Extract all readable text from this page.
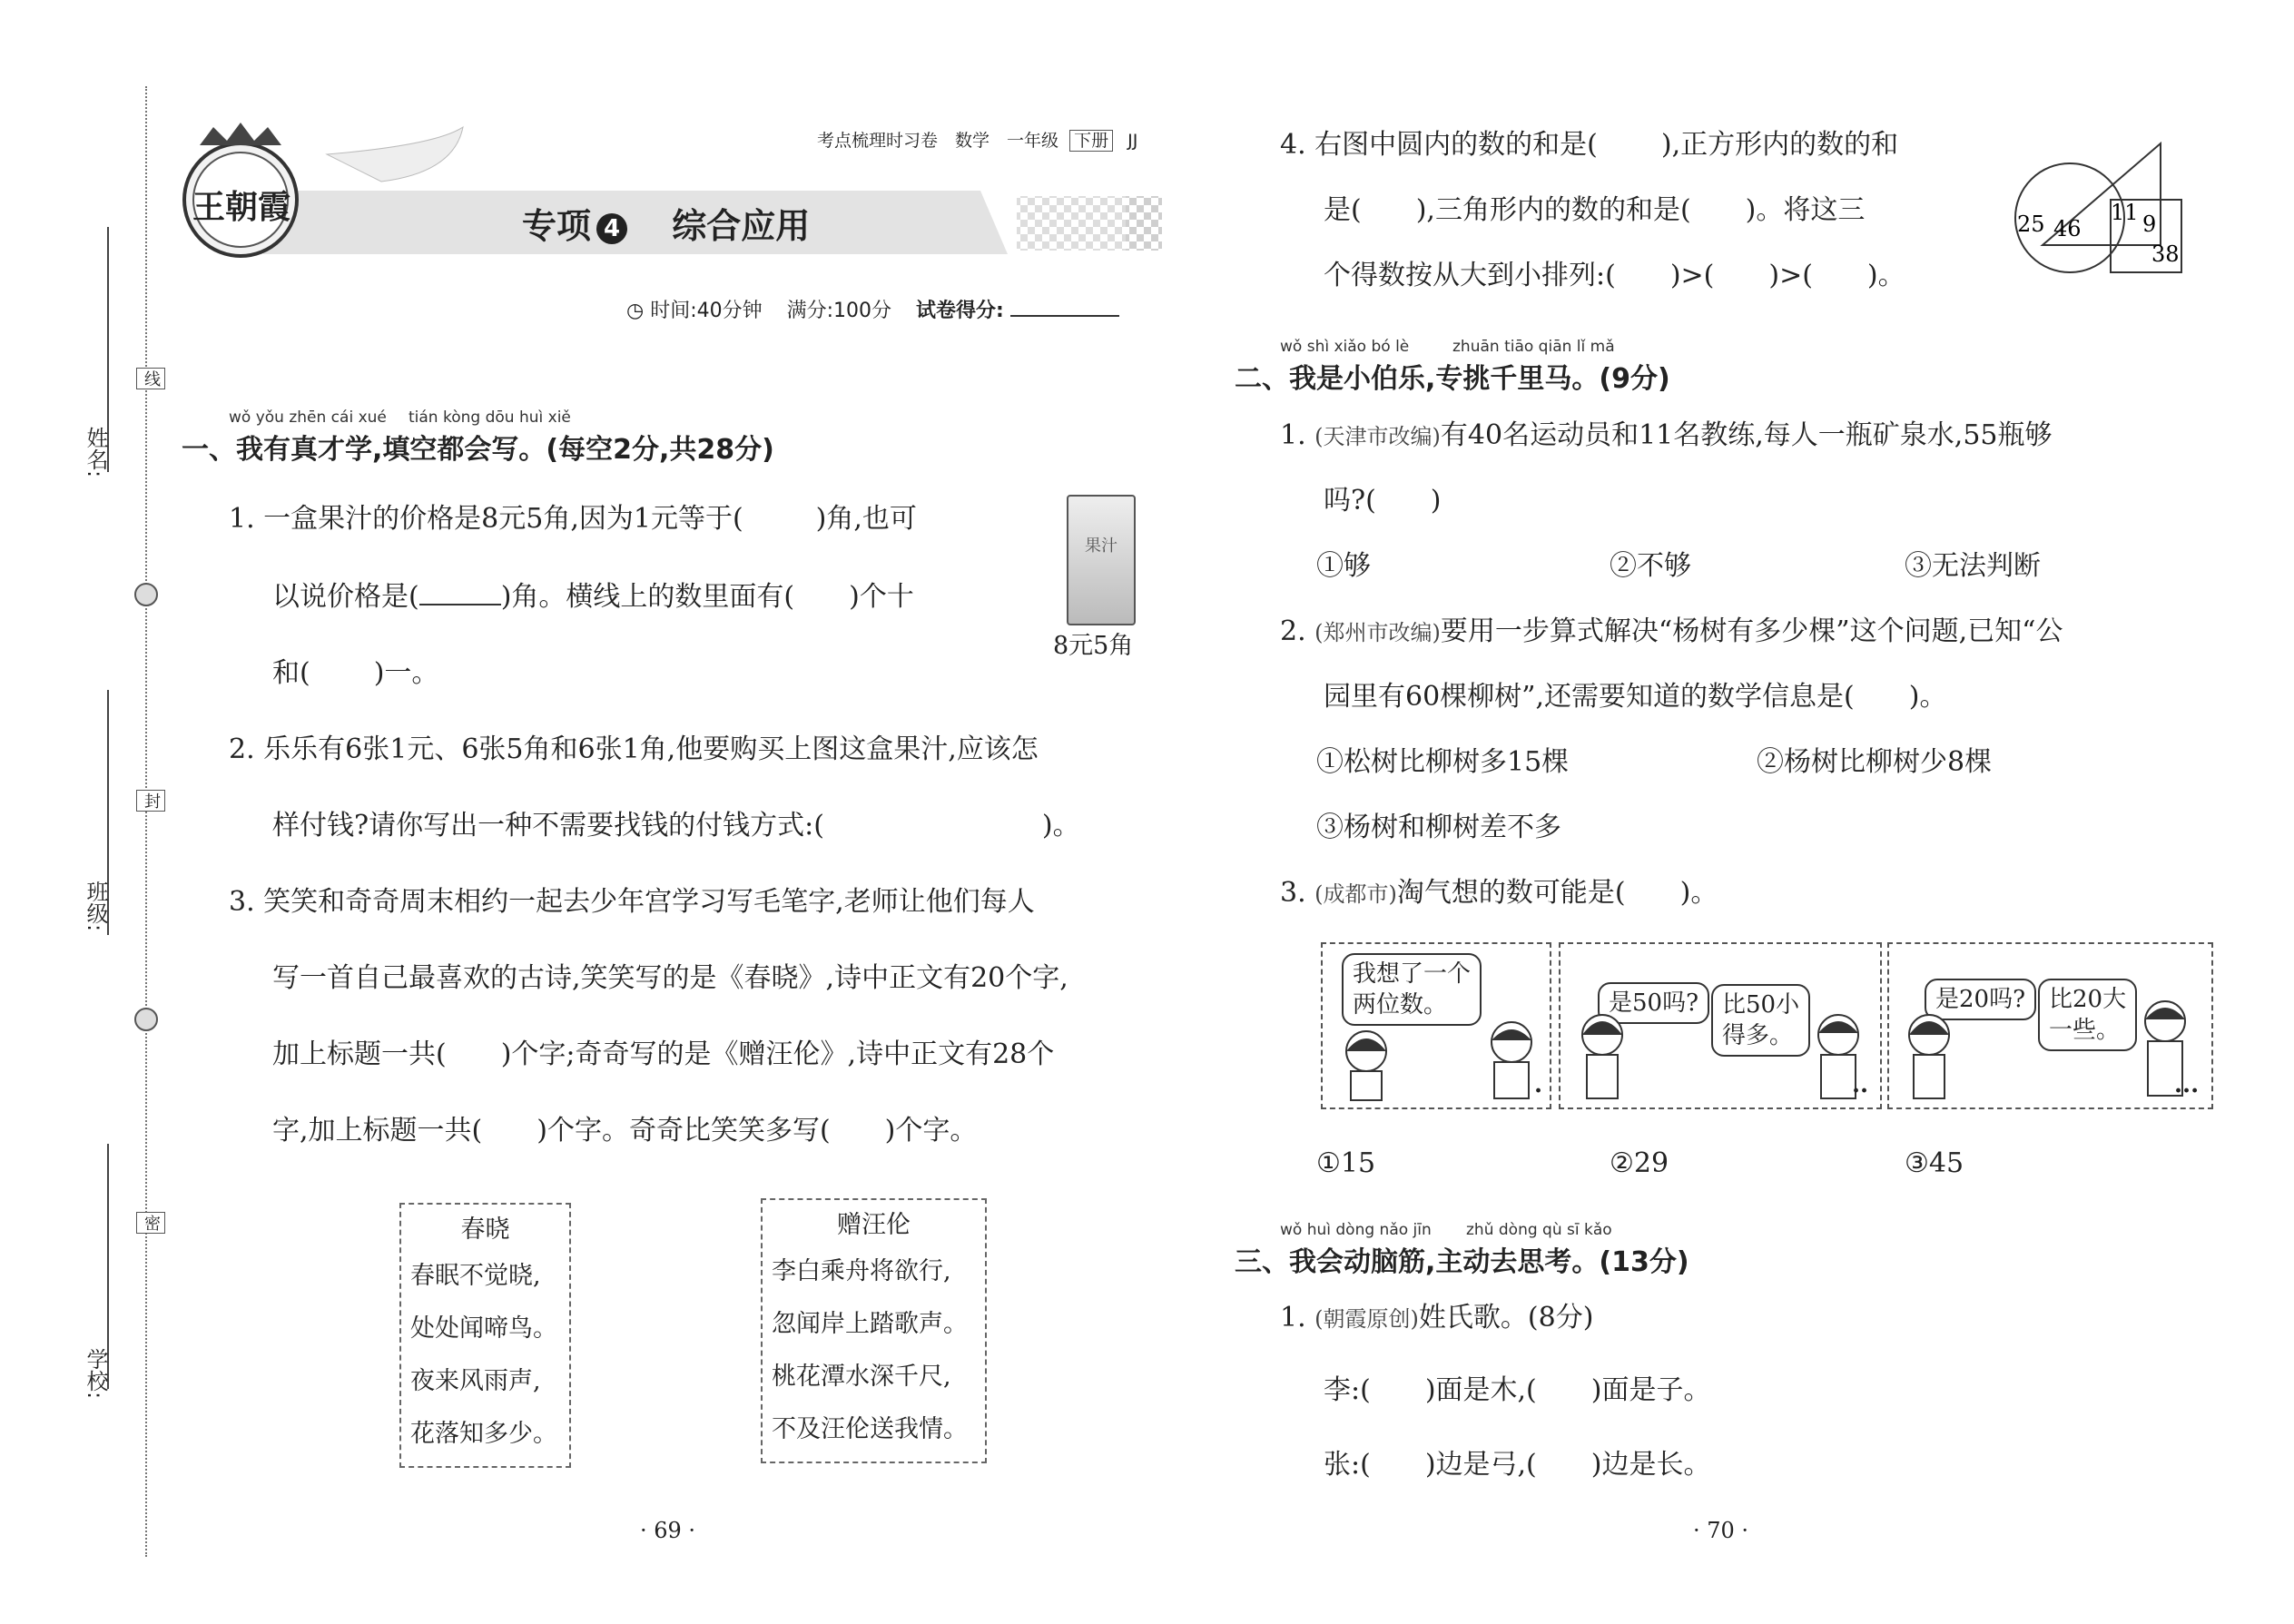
姓名:
班级:
学校:
线
封
密
王朝霞
考点梳理时习卷　数学　一年级 下册 JJ
专项 4 综合应用
◷ 时间:40分钟 满分:100分 试卷得分:
wǒ yǒu zhēn cái xué tián kòng dōu huì xiě
一、我有真才学,填空都会写。(每空2分,共28分)
1. 一盒果汁的价格是8元5角,因为1元等于(	)角,也可
以说价格是(	)角。横线上的数里面有( )个十
和( )一。
果汁
8元5角
2. 乐乐有6张1元、6张5角和6张1角,他要购买上图这盒果汁,应该怎
样付钱?请你写出一种不需要找钱的付钱方式:(	)。
3. 笑笑和奇奇周末相约一起去少年宫学习写毛笔字,老师让他们每人
写一首自己最喜欢的古诗,笑笑写的是《春晓》,诗中正文有20个字,
加上标题一共( )个字;奇奇写的是《赠汪伦》,诗中正文有28个
字,加上标题一共( )个字。奇奇比笑笑多写( )个字。
春晓
春眠不觉晓,
处处闻啼鸟。
夜来风雨声,
花落知多少。
赠汪伦
李白乘舟将欲行,
忽闻岸上踏歌声。
桃花潭水深千尺,
不及汪伦送我情。
· 69 ·
4. 右图中圆内的数的和是( ),正方形内的数的和
是( ),三角形内的数的和是( )。将这三
个得数按从大到小排列:( )>( )>( )。
25 46
11 9
38
wǒ shì xiǎo bó lè	zhuān tiāo qiān lǐ mǎ
二、我是小伯乐,专挑千里马。(9分)
1. (天津市改编)有40名运动员和11名教练,每人一瓶矿泉水,55瓶够
吗?(　　)
①够	②不够	③无法判断
2. (郑州市改编)要用一步算式解决“杨树有多少棵”这个问题,已知“公
园里有60棵柳树”,还需要知道的数学信息是(　　)。
①松树比柳树多15棵	②杨树比柳树少8棵
③杨树和柳树差不多
3. (成都市)淘气想的数可能是(　　)。
我想了一个
两位数。	是50吗? 比50小
得多。
是20吗? 比20大
一些。
.	..	...
①15	②29	③45
wǒ huì dòng nǎo jīn zhǔ dòng qù sī kǎo
三、我会动脑筋,主动去思考。(13分)
1. (朝霞原创)姓氏歌。(8分)
李:( )面是木,( )面是子。
张:( )边是弓,( )边是长。
· 70 ·
